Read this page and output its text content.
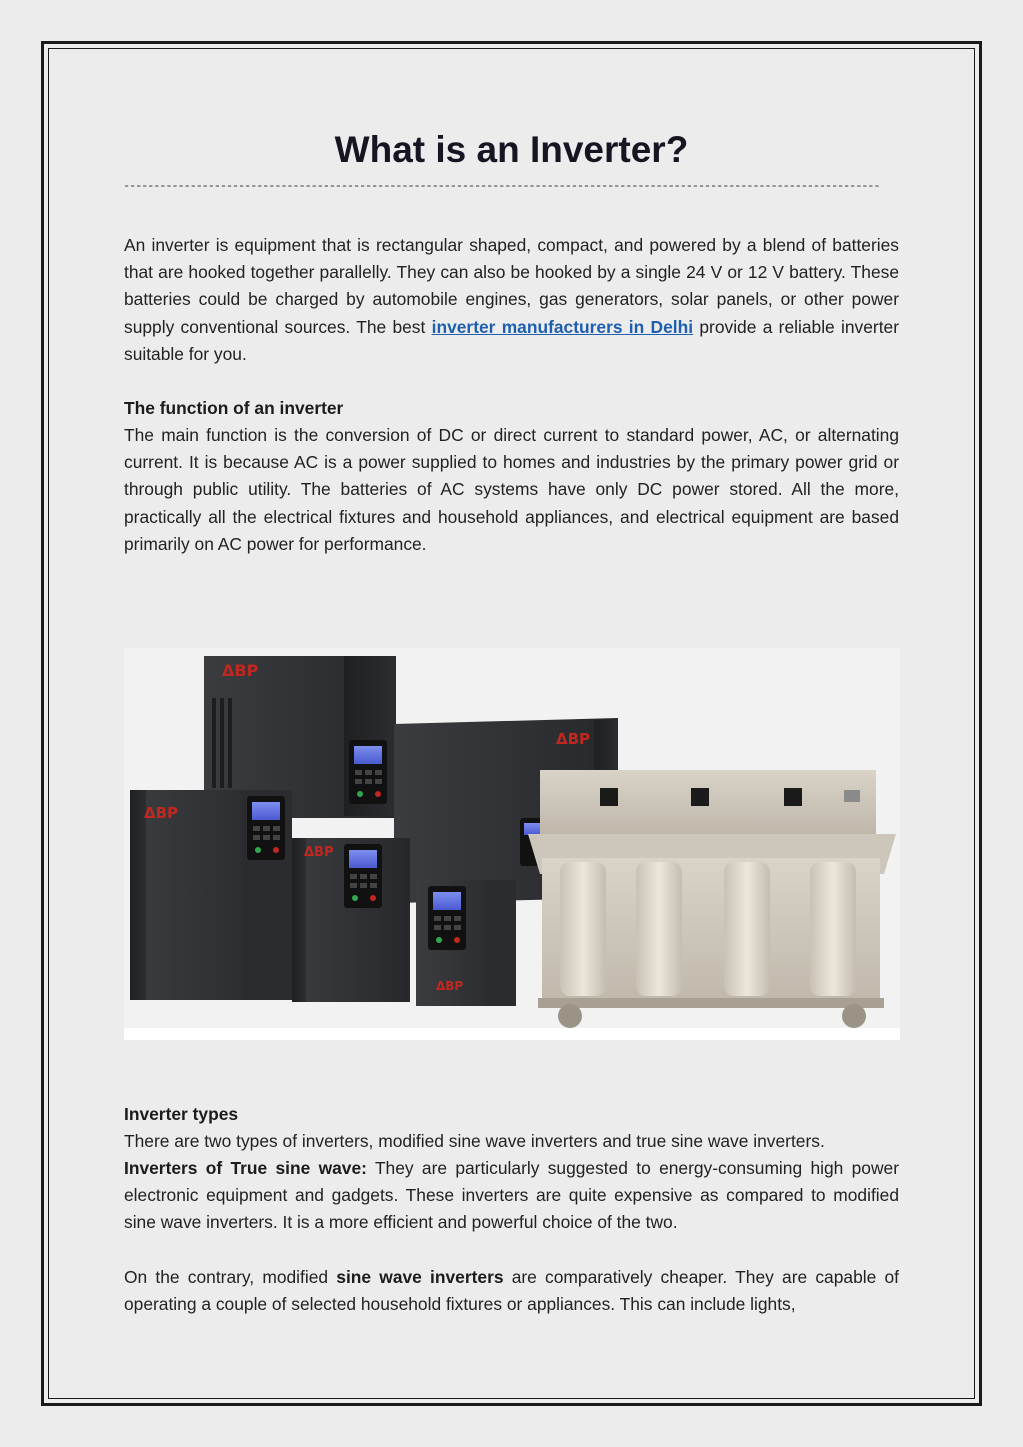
What is an Inverter?
-----------------------------------------------------------------------------------------------------------------------------

An inverter is equipment that is rectangular shaped, compact, and powered by a blend of batteries that are hooked together parallelly. They can also be hooked by a single 24 V or 12 V battery. These batteries could be charged by automobile engines, gas generators, solar panels, or other power supply conventional sources. The best inverter manufacturers in Delhi provide a reliable inverter suitable for you.

The function of an inverter

The main function is the conversion of DC or direct current to standard power, AC, or alternating current. It is because AC is a power supplied to homes and industries by the primary power grid or through public utility. The batteries of AC systems have only DC power stored. All the more, practically all the electrical fixtures and household appliances, and electrical equipment are based primarily on AC power for performance.

ΔBP
ΔBP
ΔBP
ΔBP
ΔBP

Inverter types

There are two types of inverters, modified sine wave inverters and true sine wave inverters.

Inverters of True sine wave: They are particularly suggested to energy-consuming high power electronic equipment and gadgets. These inverters are quite expensive as compared to modified sine wave inverters. It is a more efficient and powerful choice of the two.

On the contrary, modified sine wave inverters are comparatively cheaper. They are capable of operating a couple of selected household fixtures or appliances. This can include lights,
